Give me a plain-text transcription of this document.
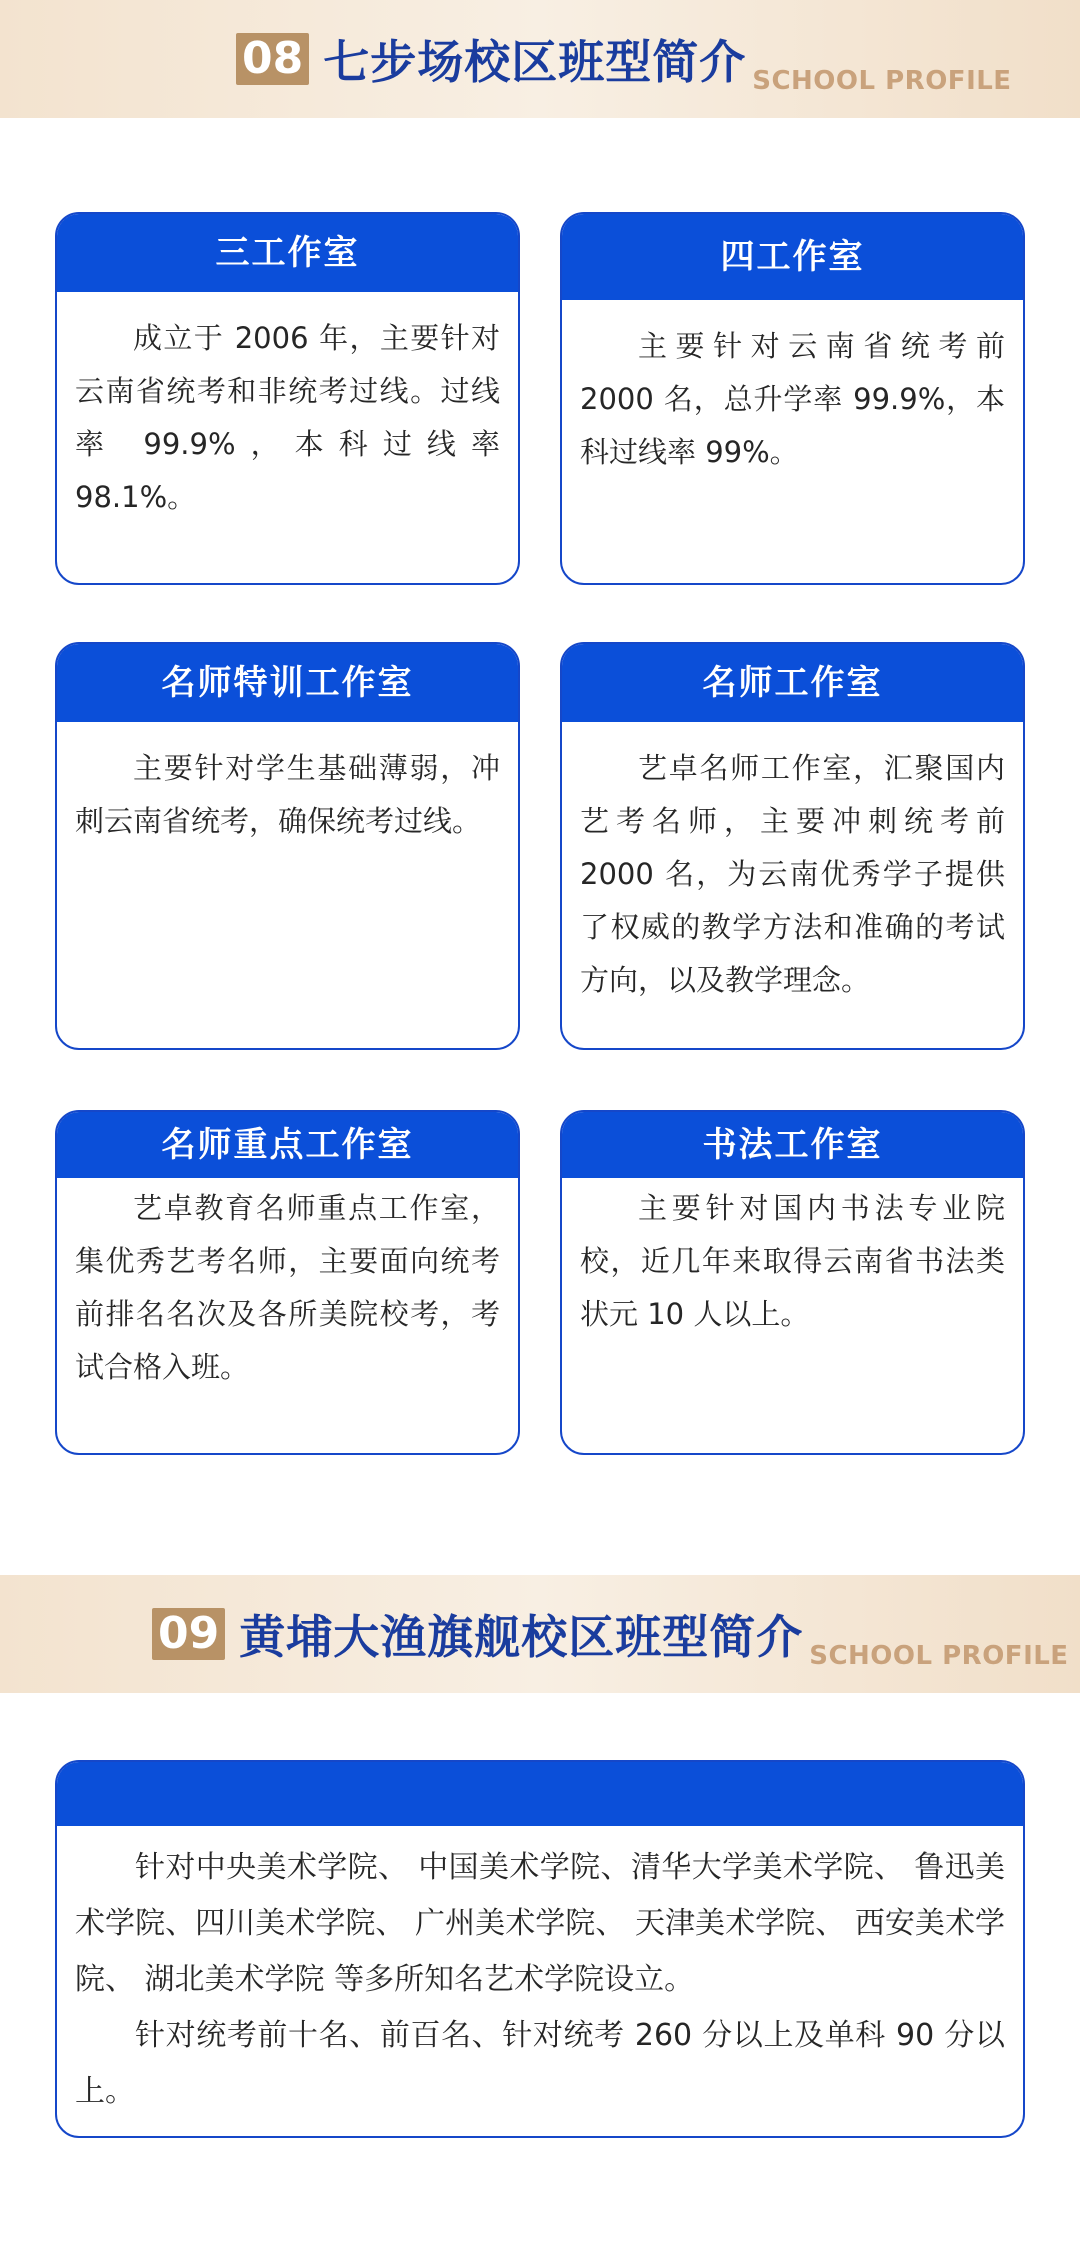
08 七步场校区班型简介 SCHOOL PROFILE
三工作室
成立于 2006 年，主要针对云南省统考和非统考过线。过线率 99.9%，本科过线率 98.1%。
四工作室
主要针对云南省统考前 2000 名，总升学率 99.9%，本科过线率 99%。
名师特训工作室
主要针对学生基础薄弱，冲刺云南省统考，确保统考过线。
名师工作室
艺卓名师工作室，汇聚国内艺考名师，主要冲刺统考前 2000 名，为云南优秀学子提供了权威的教学方法和准确的考试方向，以及教学理念。
名师重点工作室
艺卓教育名师重点工作室，集优秀艺考名师，主要面向统考前排名名次及各所美院校考，考试合格入班。
书法工作室
主要针对国内书法专业院校，近几年来取得云南省书法类状元 10 人以上。
09 黄埔大渔旗舰校区班型简介 SCHOOL PROFILE

针对中央美术学院、 中国美术学院、清华大学美术学院、 鲁迅美术学院、四川美术学院、 广州美术学院、 天津美术学院、 西安美术学院、 湖北美术学院 等多所知名艺术学院设立。

针对统考前十名、前百名、针对统考 260 分以上及单科 90 分以上。
